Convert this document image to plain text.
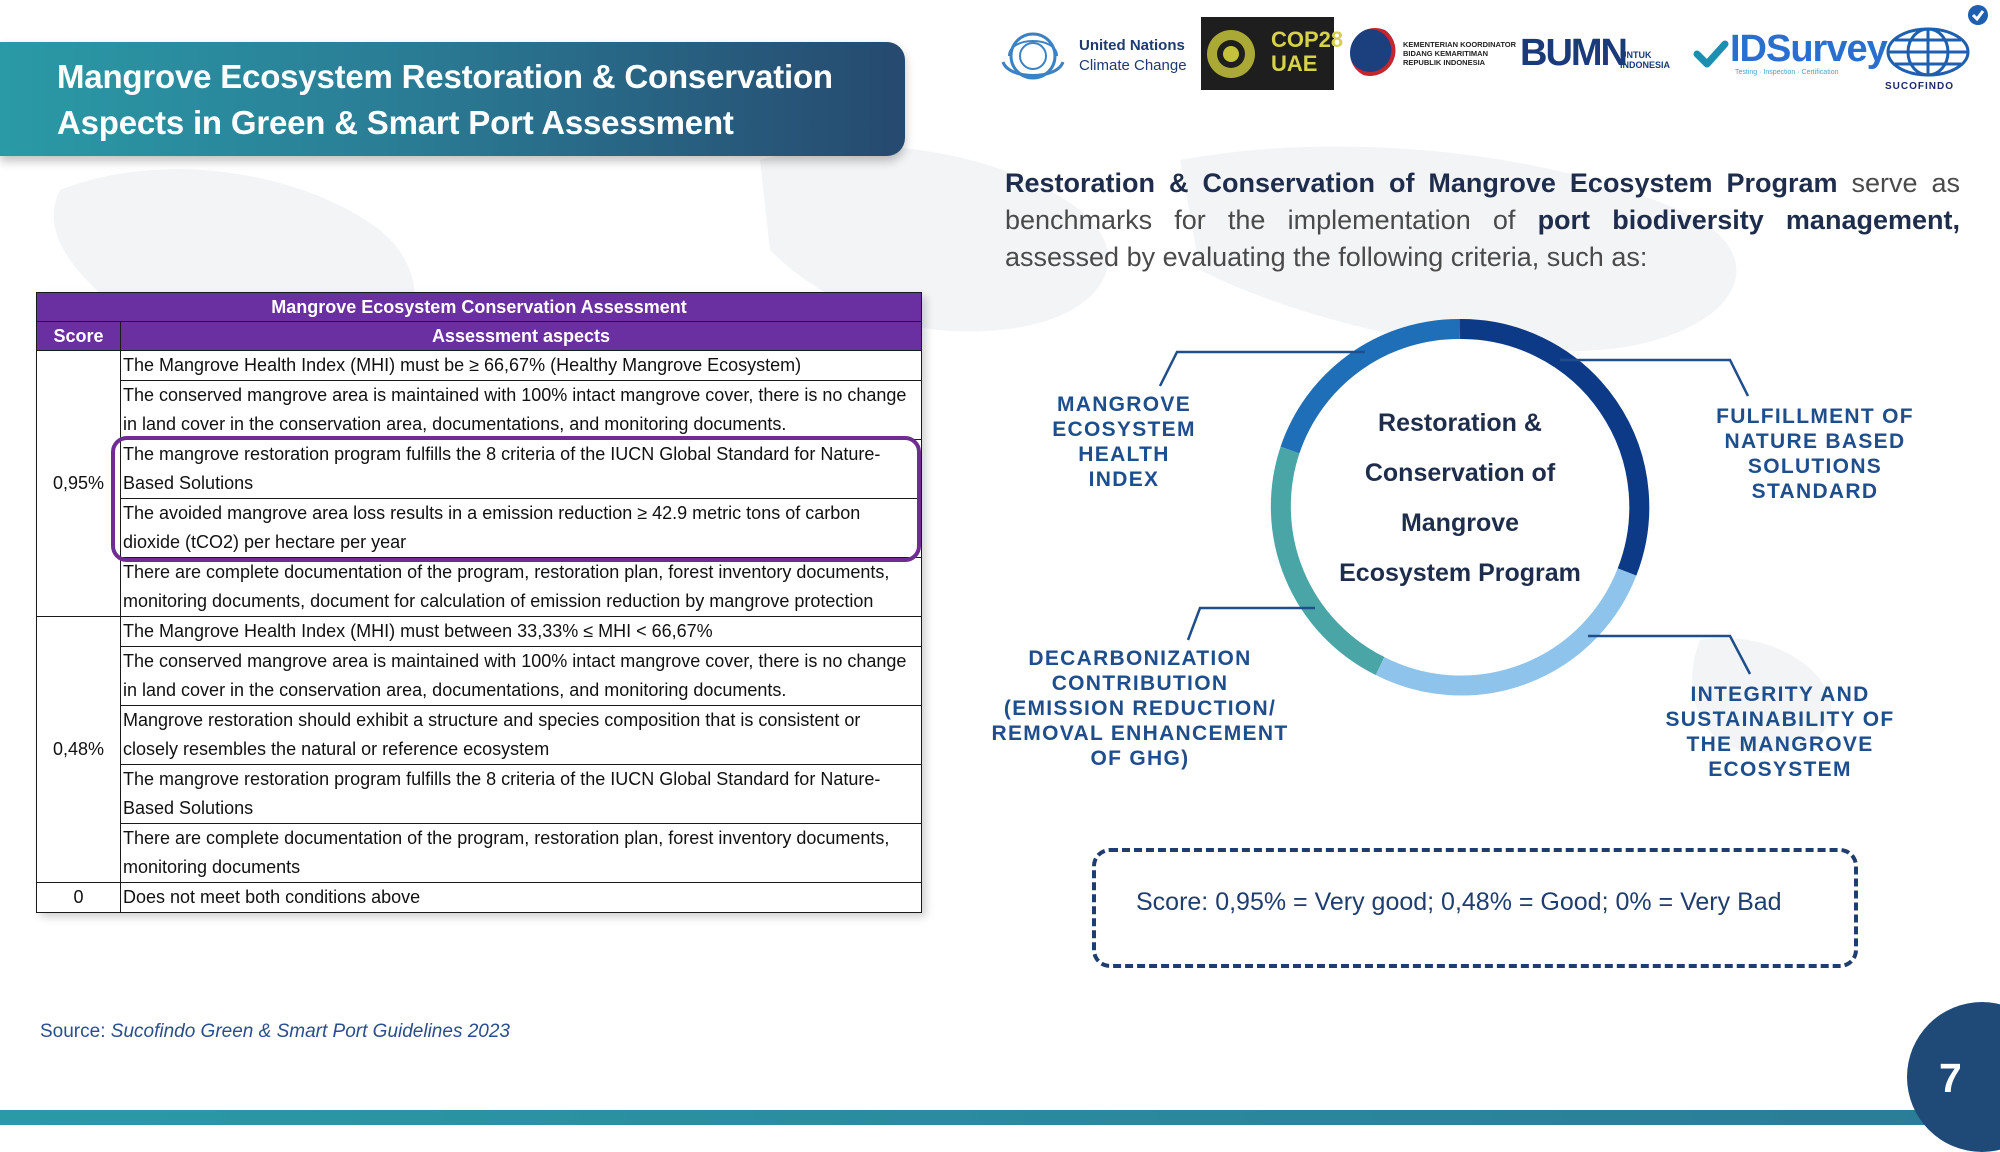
Mangrove Ecosystem Restoration & Conservation
Aspects in Green & Smart Port Assessment
United Nations
Climate Change
COP28
UAE
KEMENTERIAN KOORDINATOR
BIDANG KEMARITIMAN
REPUBLIK INDONESIA BUMN
UNTUK
INDONESIA IDSurvey
Testing · Inspection · Certification
SUCOFINDO
Mangrove Ecosystem Conservation Assessment	
Score	Assessment aspects
0,95%	The Mangrove Health Index (MHI) must be ≥ 66,67% (Healthy Mangrove Ecosystem)
	The conserved mangrove area is maintained with 100% intact mangrove cover, there is no change in land cover in the conservation area, documentations, and monitoring documents.
	The mangrove restoration program fulfills the 8 criteria of the IUCN Global Standard for Nature-Based Solutions
	The avoided mangrove area loss results in a emission reduction ≥ 42.9 metric tons of carbon dioxide (tCO2) per hectare per year
	There are complete documentation of the program, restoration plan, forest inventory documents, monitoring documents, document for calculation of emission reduction by mangrove protection
0,48%	The Mangrove Health Index (MHI) must between 33,33% ≤ MHI < 66,67%
	The conserved mangrove area is maintained with 100% intact mangrove cover, there is no change in land cover in the conservation area, documentations, and monitoring documents.
	Mangrove restoration should exhibit a structure and species composition that is consistent or closely resembles the natural or reference ecosystem
	The mangrove restoration program fulfills the 8 criteria of the IUCN Global Standard for Nature-Based Solutions
	There are complete documentation of the program, restoration plan, forest inventory documents, monitoring documents
0	Does not meet both conditions above
Source: Sucofindo Green & Smart Port Guidelines 2023
Restoration & Conservation of Mangrove Ecosystem Program serve as benchmarks for the implementation of port biodiversity management, assessed by evaluating the following criteria, such as:
Restoration &
Conservation of
Mangrove
Ecosystem Program
MANGROVE
ECOSYSTEM HEALTH
INDEX
FULFILLMENT OF
NATURE BASED
SOLUTIONS
STANDARD
DECARBONIZATION
CONTRIBUTION
(EMISSION REDUCTION/
REMOVAL ENHANCEMENT
OF GHG)
INTEGRITY AND
SUSTAINABILITY OF
THE MANGROVE
ECOSYSTEM
Score: 0,95% = Very good; 0,48% = Good; 0% = Very Bad
7
